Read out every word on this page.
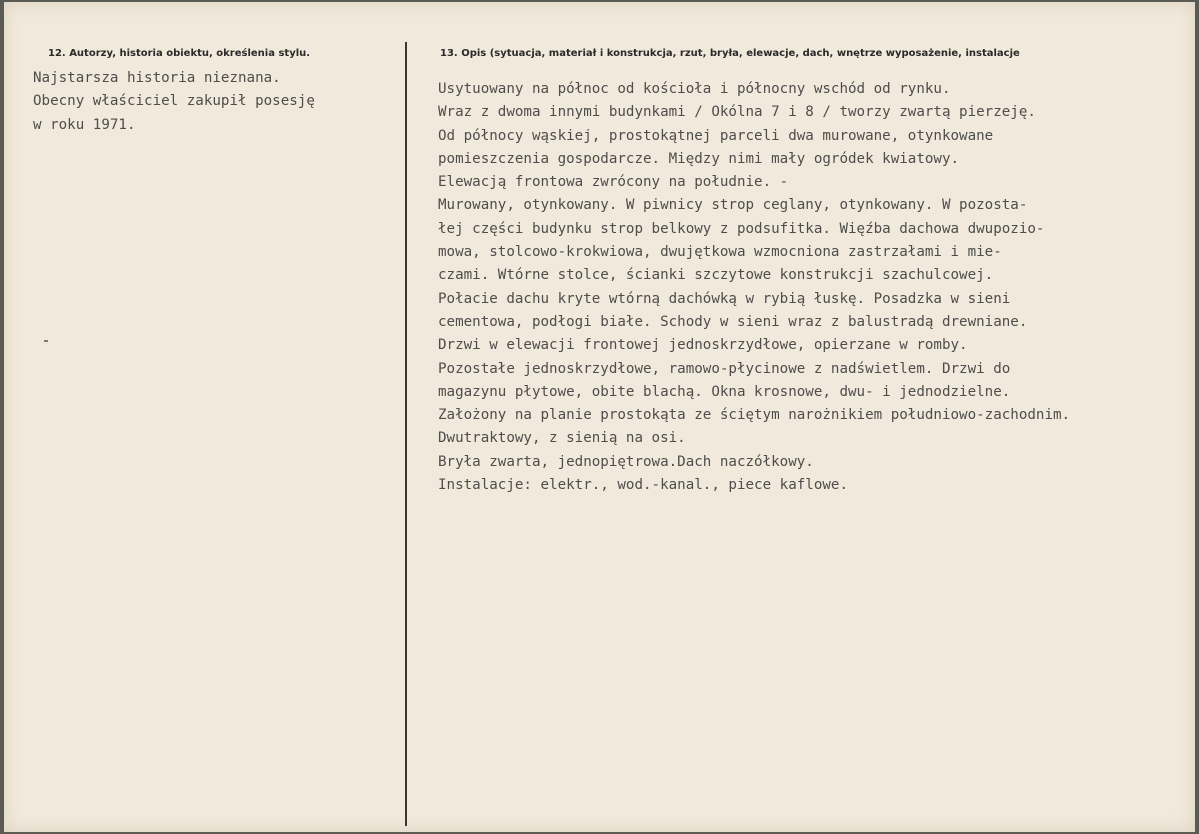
12. Autorzy, historia obiektu, określenia stylu.	13. Opis (sytuacja, materiał i konstrukcja, rzut, bryła, elewacje, dach, wnętrze wyposażenie, instalacje
Najstarsza historia nieznana.
Obecny właściciel zakupił posesję
w roku 1971.
Usytuowany na północ od kościoła i północny wschód od rynku.
Wraz z dwoma innymi budynkami / Okólna 7 i 8 / tworzy zwartą pierzeję.
Od północy wąskiej, prostokątnej parceli dwa murowane, otynkowane
pomieszczenia gospodarcze. Między nimi mały ogródek kwiatowy.
Elewacją frontowa zwrócony na południe. -
Murowany, otynkowany. W piwnicy strop ceglany, otynkowany. W pozosta-
łej części budynku strop belkowy z podsufitka. Więźba dachowa dwupozio-
mowa, stolcowo-krokwiowa, dwujętkowa wzmocniona zastrzałami i mie-
czami. Wtórne stolce, ścianki szczytowe konstrukcji szachulcowej.
Połacie dachu kryte wtórną dachówką w rybią łuskę. Posadzka w sieni
cementowa, podłogi białe. Schody w sieni wraz z balustradą drewniane.
Drzwi w elewacji frontowej jednoskrzydłowe, opierzane w romby.
Pozostałe jednoskrzydłowe, ramowo-płycinowe z nadświetlem. Drzwi do
magazynu płytowe, obite blachą. Okna krosnowe, dwu- i jednodzielne.
Założony na planie prostokąta ze ściętym narożnikiem południowo-zachodnim.
Dwutraktowy, z sienią na osi.
Bryła zwarta, jednopiętrowa.Dach naczółkowy.
Instalacje: elektr., wod.-kanal., piece kaflowe.
